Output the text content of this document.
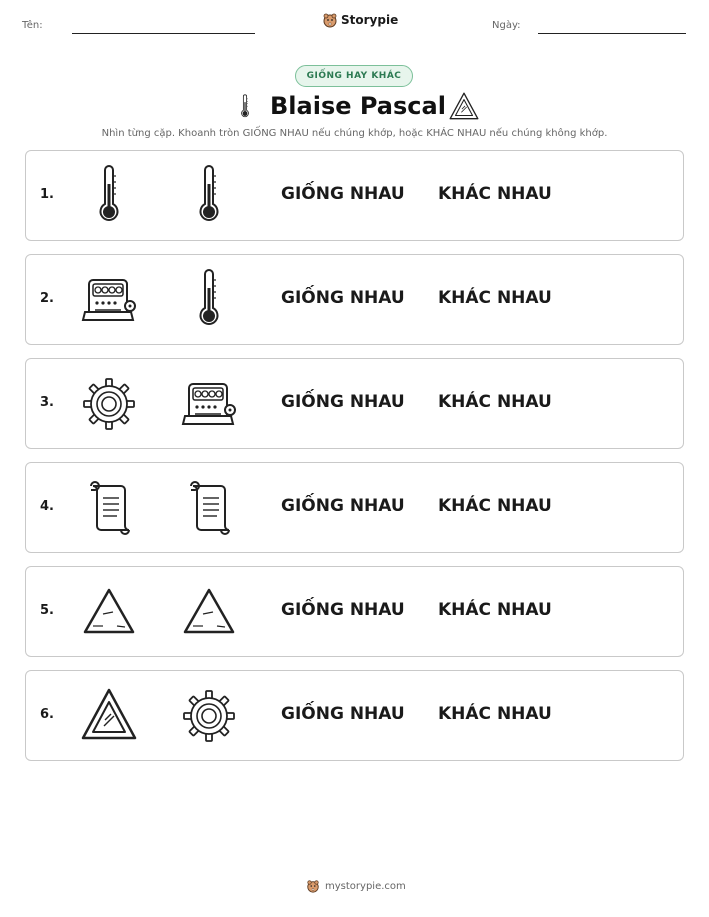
Tên:	Storypie	Ngày:
GIỐNG HAY KHÁC
Blaise Pascal
Nhìn từng cặp. Khoanh tròn GIỐNG NHAU nếu chúng khớp, hoặc KHÁC NHAU nếu chúng không khớp.
1.	GIỐNG NHAU KHÁC NHAU
2.	GIỐNG NHAU KHÁC NHAU
3.	GIỐNG NHAU KHÁC NHAU
4.	GIỐNG NHAU KHÁC NHAU
5.	GIỐNG NHAU KHÁC NHAU
6.	GIỐNG NHAU KHÁC NHAU
mystorypie.com
